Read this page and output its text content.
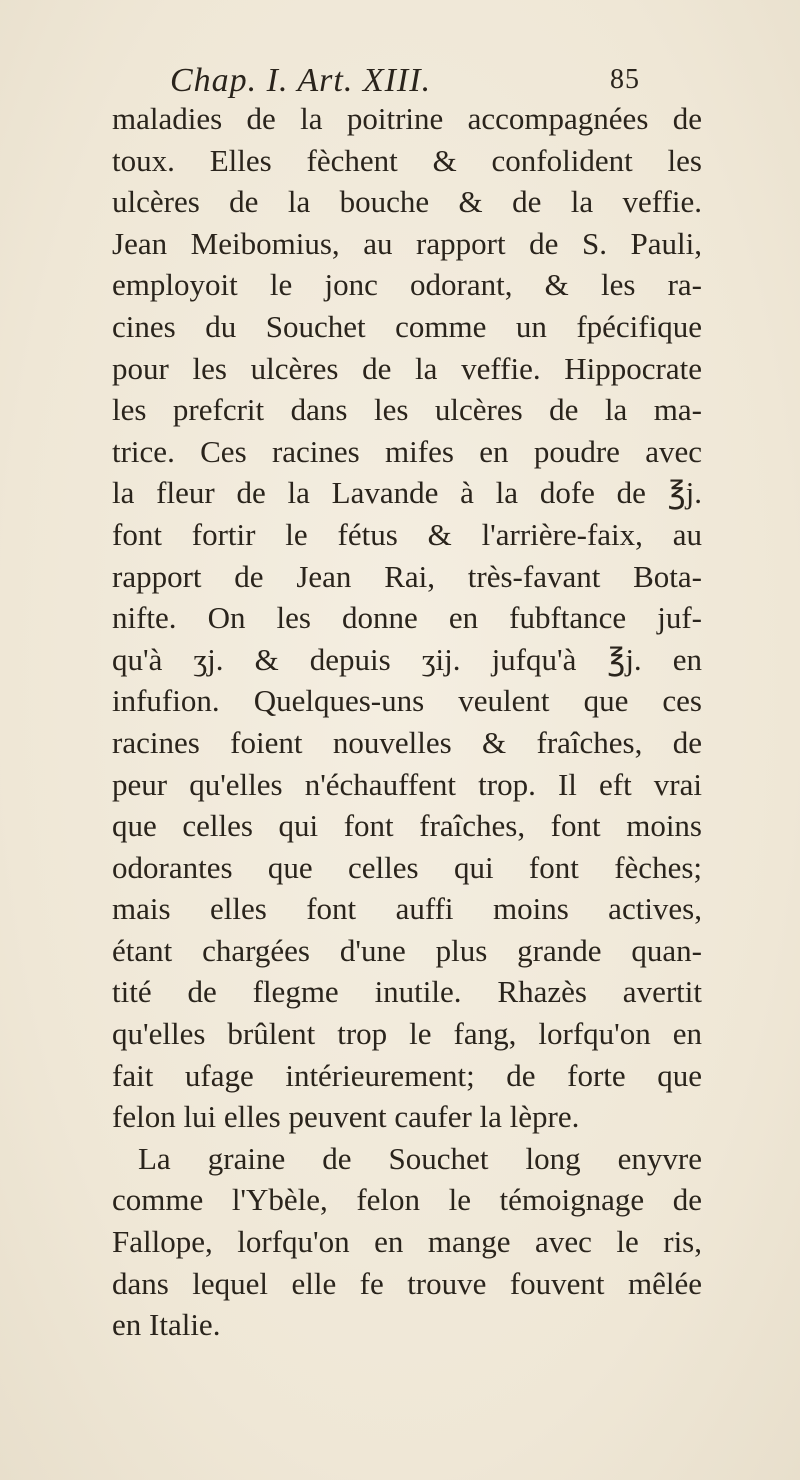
Chap. I. Art. XIII.	85
maladies de la poitrine accompagnées de
toux. Elles fèchent & confolident les
ulcères de la bouche & de la veffie.
Jean Meibomius, au rapport de S. Pauli,
employoit le jonc odorant, & les ra-
cines du Souchet comme un fpécifique
pour les ulcères de la veffie. Hippocrate
les prefcrit dans les ulcères de la ma-
trice. Ces racines mifes en poudre avec
la fleur de la Lavande à la dofe de ℥j.
font fortir le fétus & l'arrière-faix, au
rapport de Jean Rai, très-favant Bota-
nifte. On les donne en fubftance juf-
qu'à ʒj. & depuis ʒij. jufqu'à ℥j. en
infufion. Quelques-uns veulent que ces
racines foient nouvelles & fraîches, de
peur qu'elles n'échauffent trop. Il eft vrai
que celles qui font fraîches, font moins
odorantes que celles qui font fèches;
mais elles font auffi moins actives,
étant chargées d'une plus grande quan-
tité de flegme inutile. Rhazès avertit
qu'elles brûlent trop le fang, lorfqu'on en
fait ufage intérieurement; de forte que
felon lui elles peuvent caufer la lèpre.
La graine de Souchet long enyvre
comme l'Ybèle, felon le témoignage de
Fallope, lorfqu'on en mange avec le ris,
dans lequel elle fe trouve fouvent mêlée
en Italie.
